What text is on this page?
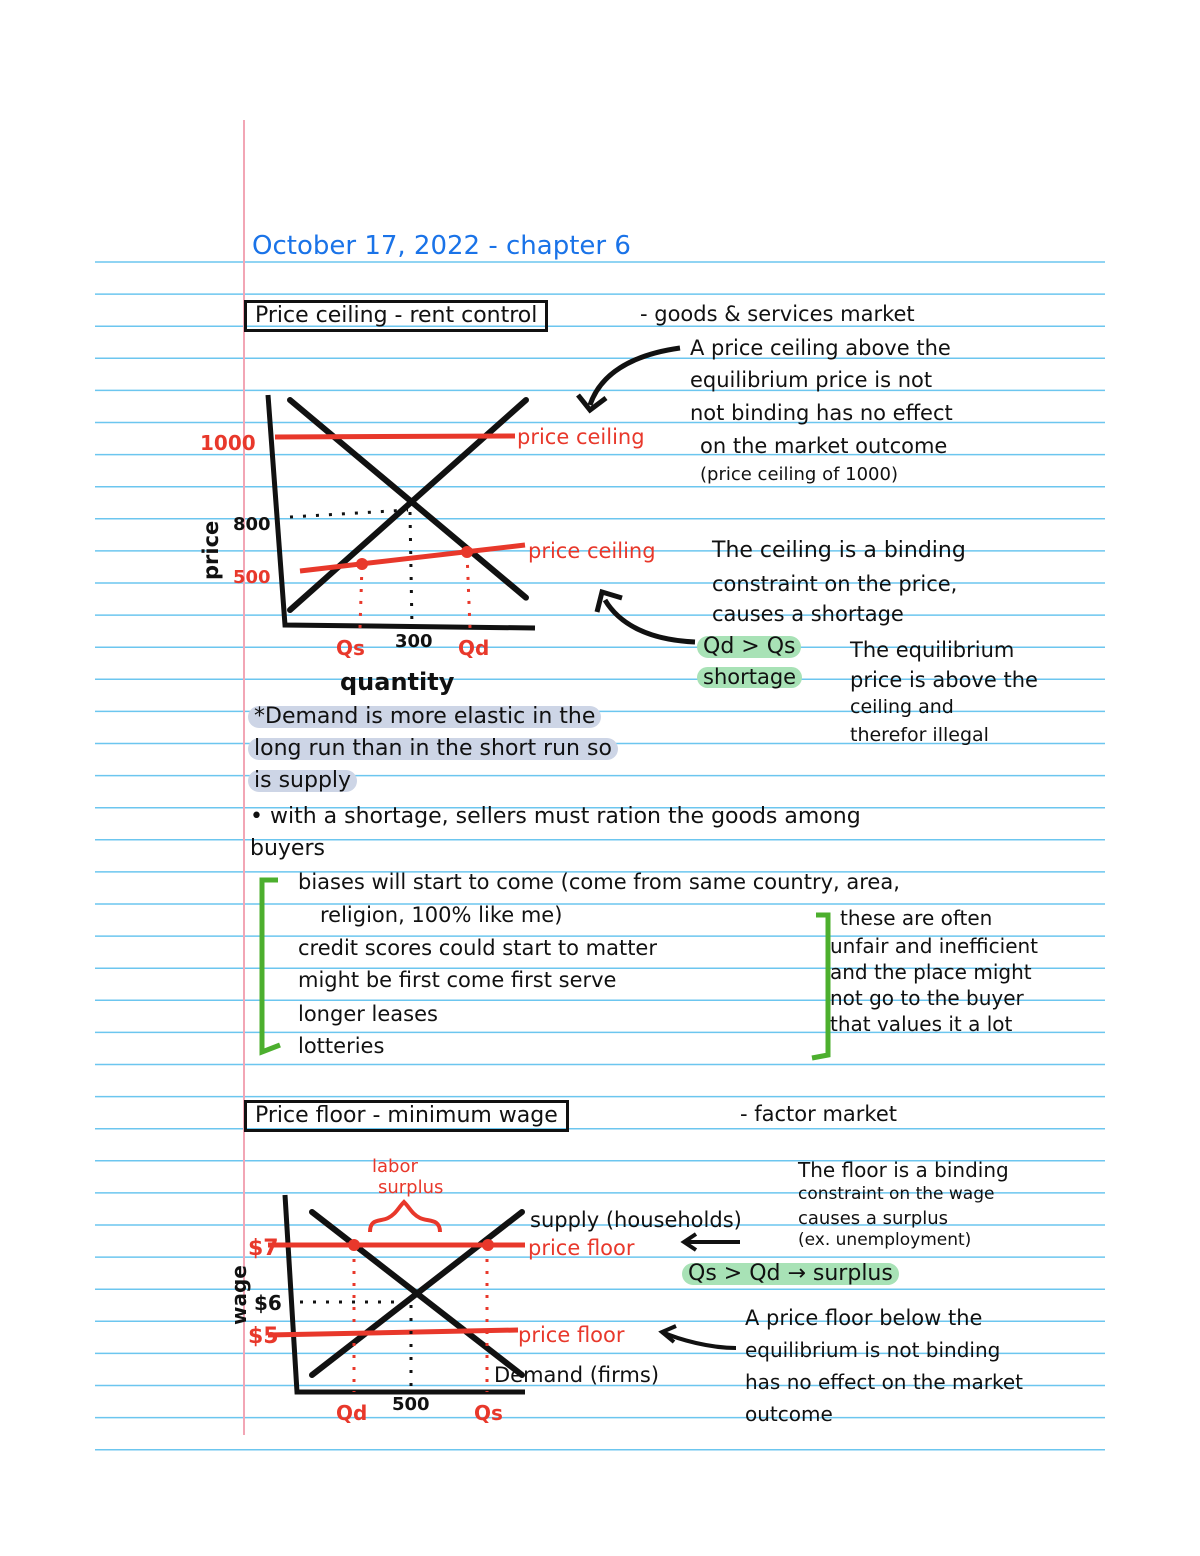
1000
800
500
price
Qs 300 Qd
quantity
price ceiling
price ceiling
labor
surplus
$7
$6
$5
wage
Qd 500 Qs
supply (households)
price floor
price floor
Demand (firms)
October 17, 2022 - chapter 6
Price ceiling - rent control	- goods & services market
A price ceiling above the
equilibrium price is not
not binding has no effect
on the market outcome
(price ceiling of 1000)
The ceiling is a binding
constraint on the price,
causes a shortage
Qd > Qs
shortage
The equilibrium
price is above the
ceiling and
therefor illegal
*Demand is more elastic in the
long run than in the short run so
is supply
• with a shortage, sellers must ration the goods among
buyers
biases will start to come (come from same country, area,
religion, 100% like me)
credit scores could start to matter
might be first come first serve
longer leases
lotteries
these are often
unfair and inefficient
and the place might
not go to the buyer
that values it a lot
Price floor - minimum wage	- factor market
The floor is a binding
constraint on the wage
causes a surplus
(ex. unemployment)
Qs > Qd → surplus
A price floor below the
equilibrium is not binding
has no effect on the market
outcome
